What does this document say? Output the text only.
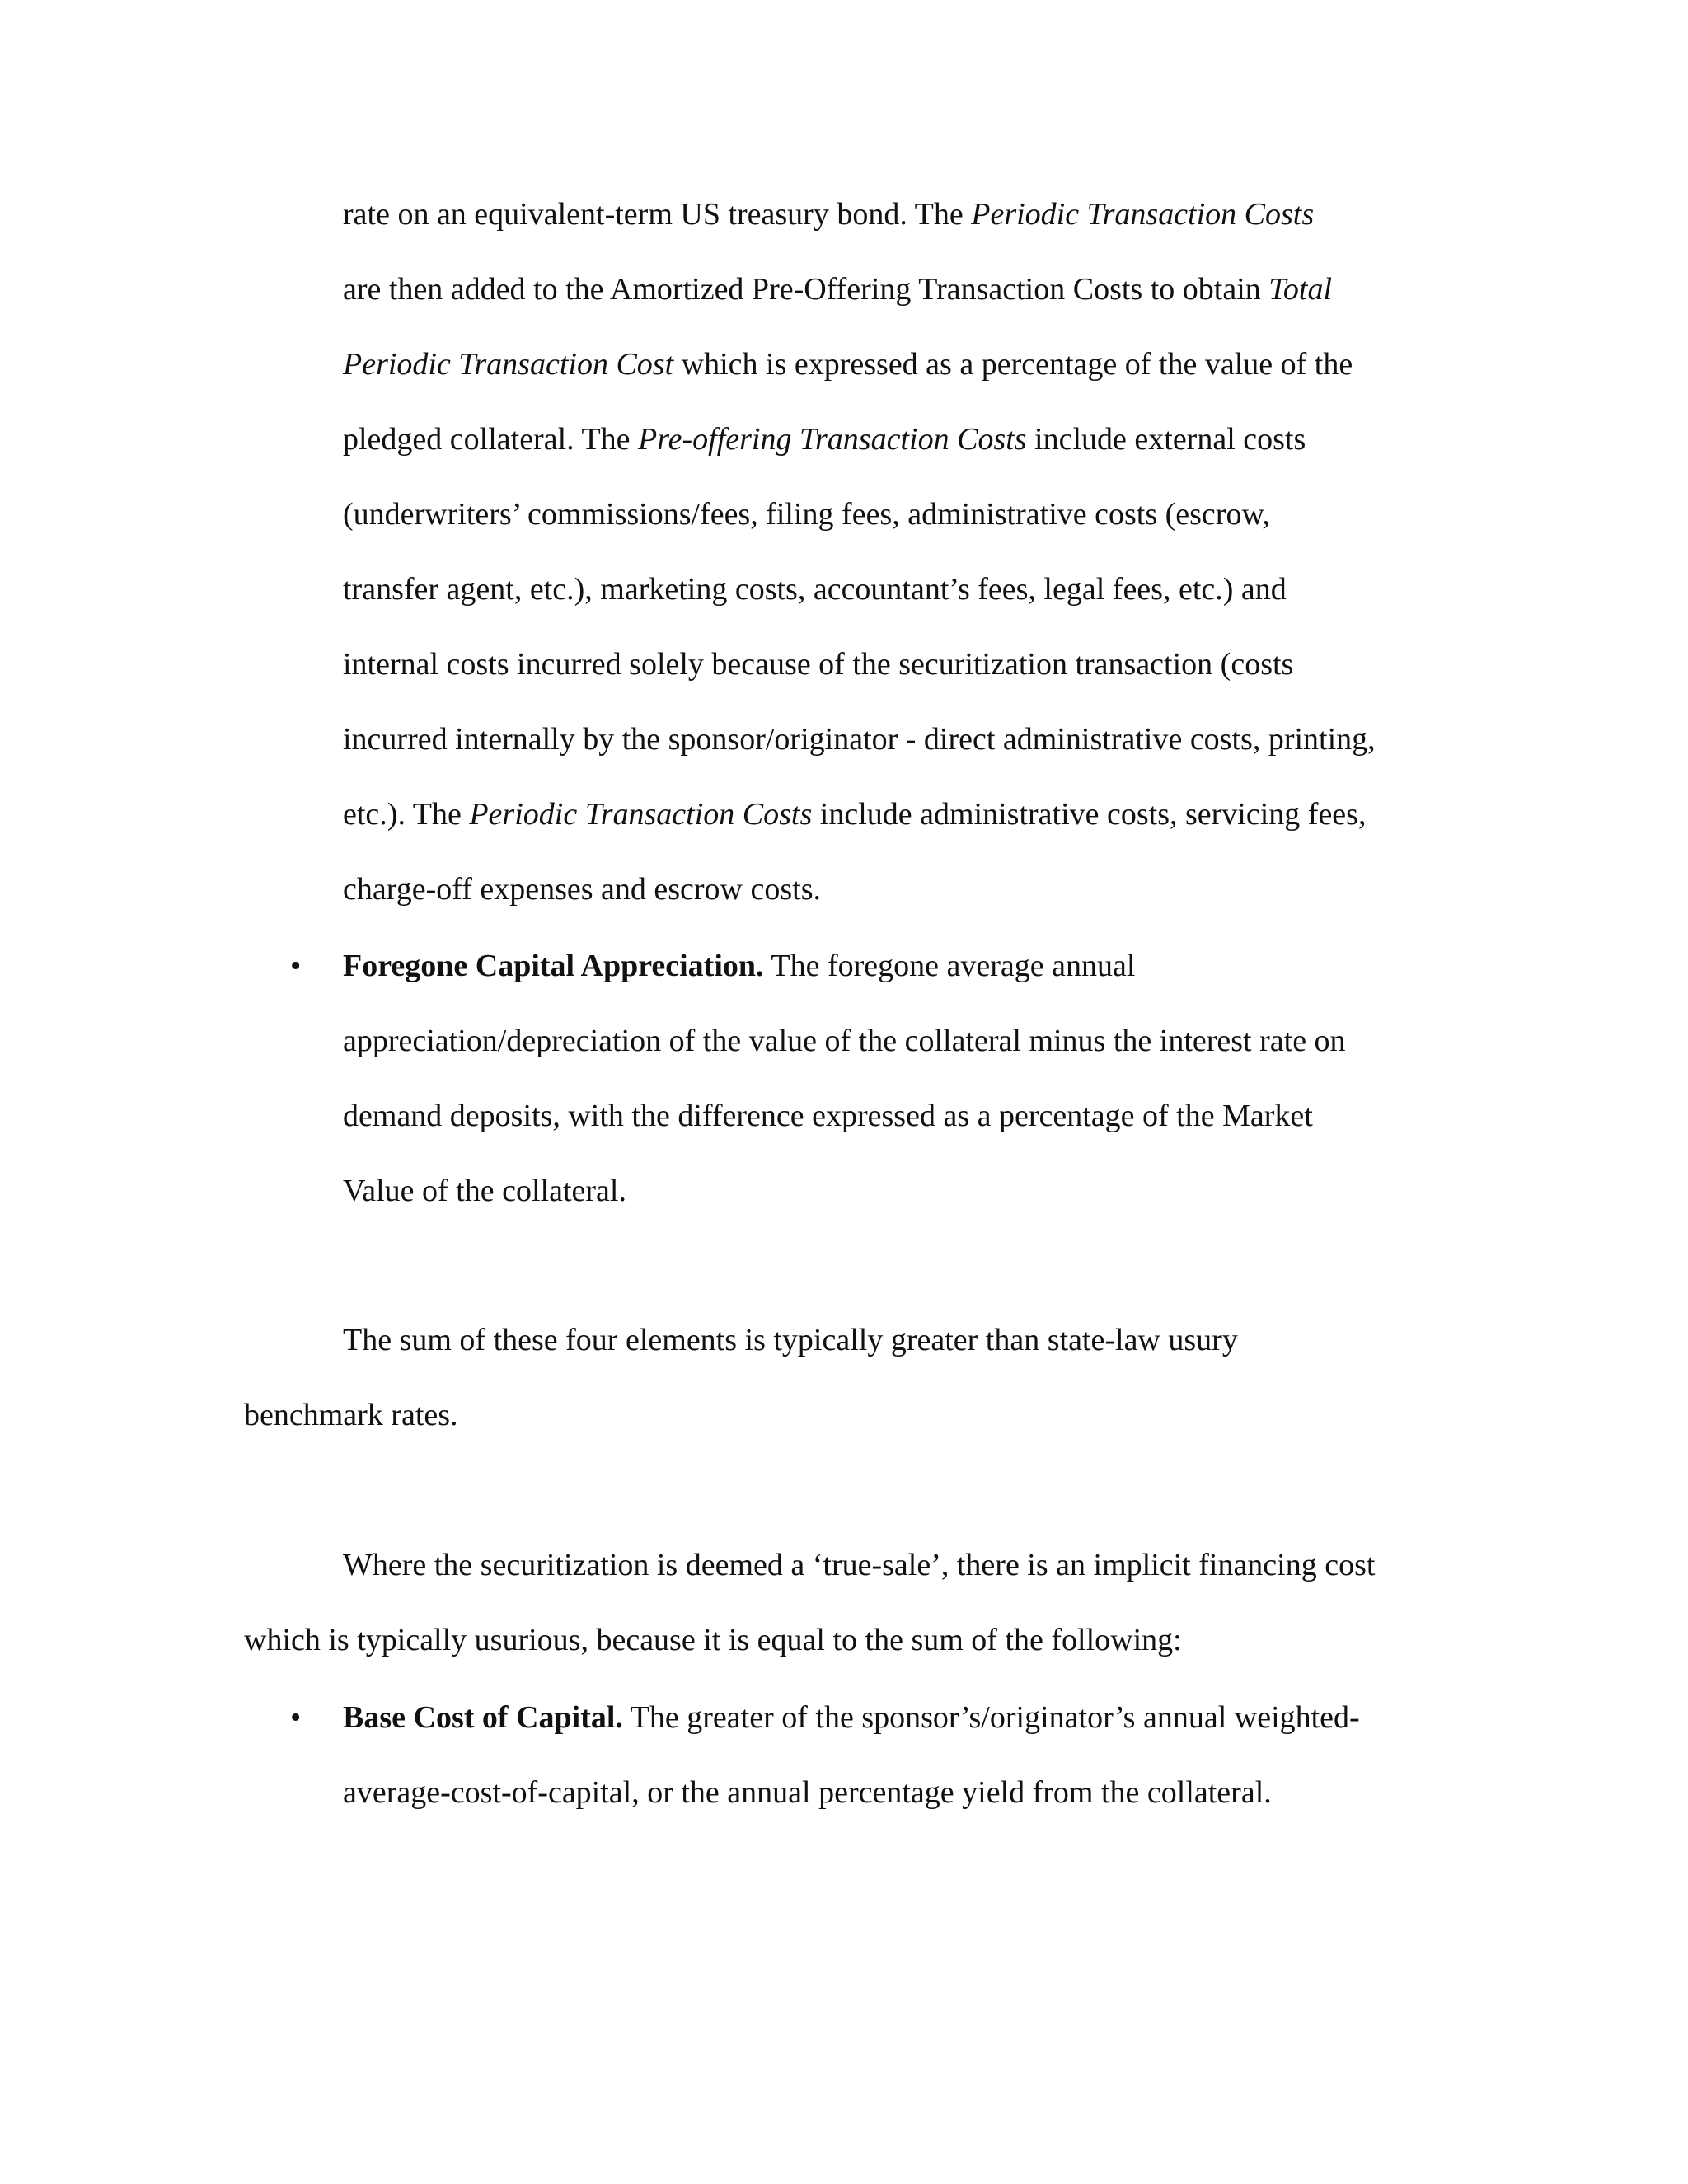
rate on an equivalent-term US treasury bond. The Periodic Transaction Costs
are then added to the Amortized Pre-Offering Transaction Costs to obtain Total
Periodic Transaction Cost which is expressed as a percentage of the value of the
pledged collateral. The Pre-offering Transaction Costs include external costs
(underwriters’ commissions/fees, filing fees, administrative costs (escrow,
transfer agent, etc.), marketing costs, accountant’s fees, legal fees, etc.) and
internal costs incurred solely because of the securitization transaction (costs
incurred internally by the sponsor/originator - direct administrative costs, printing,
etc.). The Periodic Transaction Costs include administrative costs, servicing fees,
charge-off expenses and escrow costs.
• Foregone Capital Appreciation. The foregone average annual
appreciation/depreciation of the value of the collateral minus the interest rate on
demand deposits, with the difference expressed as a percentage of the Market
Value of the collateral.
The sum of these four elements is typically greater than state-law usury
benchmark rates.
Where the securitization is deemed a ‘true-sale’, there is an implicit financing cost
which is typically usurious, because it is equal to the sum of the following:
• Base Cost of Capital. The greater of the sponsor’s/originator’s annual weighted-
average-cost-of-capital, or the annual percentage yield from the collateral.
